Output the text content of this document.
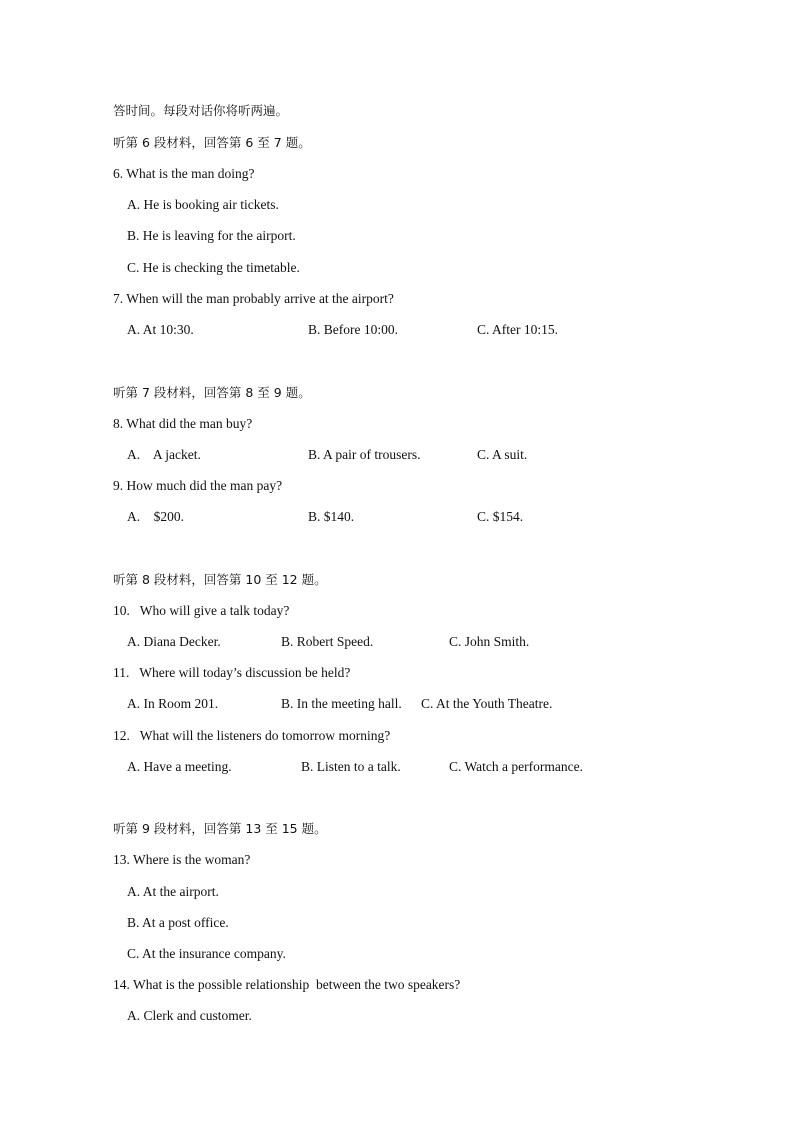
答时间。每段对话你将听两遍。
听第 6 段材料，回答第 6 至 7 题。
6. What is the man doing?
A. He is booking air tickets.
B. He is leaving for the airport.
C. He is checking the timetable.
7. When will the man probably arrive at the airport?
A. At 10:30.	B. Before 10:00.	C. After 10:15.
听第 7 段材料，回答第 8 至 9 题。
8. What did the man buy?
A.    A jacket.	B. A pair of trousers.	C. A suit.
9. How much did the man pay?
A.    $200.	B. $140.	C. $154.
听第 8 段材料，回答第 10 至 12 题。
10.   Who will give a talk today?
A. Diana Decker.	B. Robert Speed.	C. John Smith.
11.   Where will today’s discussion be held?
A. In Room 201.	B. In the meeting hall. C. At the Youth Theatre.
12.   What will the listeners do tomorrow morning?
A. Have a meeting.	B. Listen to a talk.	C. Watch a performance.
听第 9 段材料，回答第 13 至 15 题。
13. Where is the woman?
A. At the airport.
B. At a post office.
C. At the insurance company.
14. What is the possible relationship  between the two speakers?
A. Clerk and customer.
